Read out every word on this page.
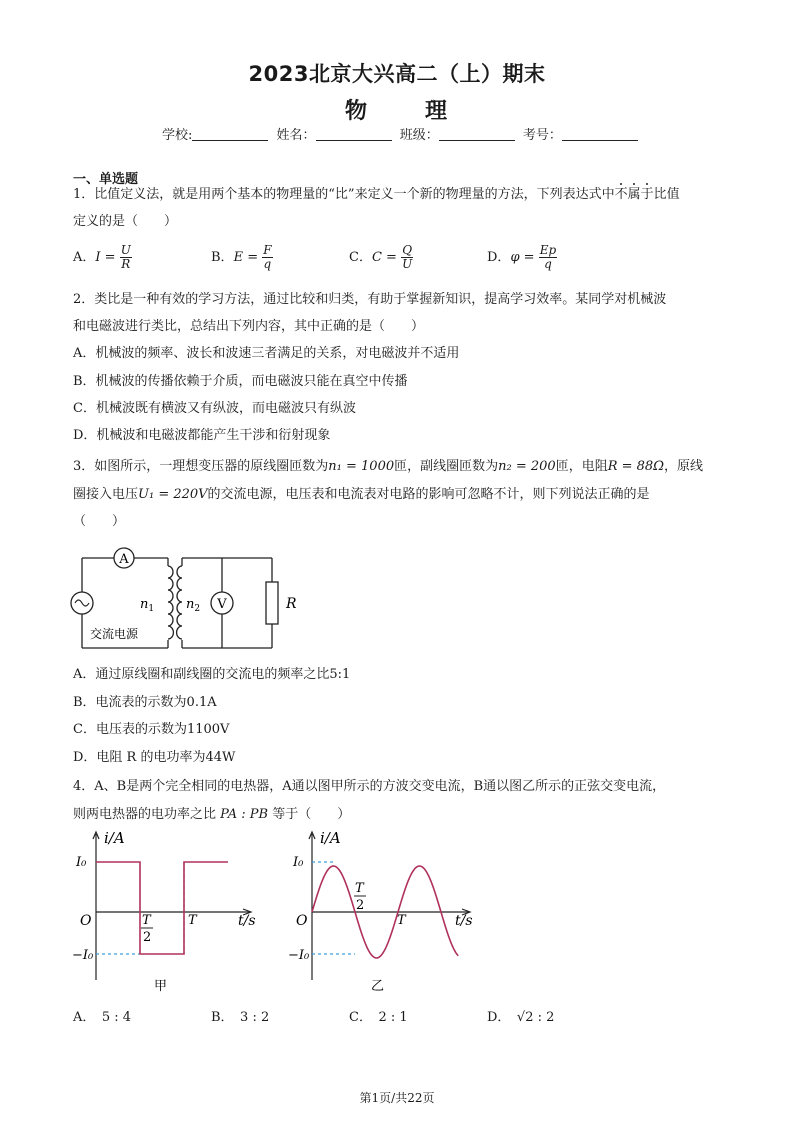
2023北京大兴高二（上）期末
物	理
学校:	姓名：	班级：	考号：
一、单选题
1．比值定义法，就是用两个基本的物理量的“比”来定义一个新的物理量的方法，下列表达式中不属于比值
定义的是（　　）
A．$I = \frac{U}{R}$	B．$E = \frac{F}{q}$	C．$C = \frac{Q}{U}$	D．$\varphi = \frac{Ep}{q}$
2．类比是一种有效的学习方法，通过比较和归类，有助于掌握新知识，提高学习效率。某同学对机械波
和电磁波进行类比，总结出下列内容，其中正确的是（　　）
A．机械波的频率、波长和波速三者满足的关系，对电磁波并不适用
B．机械波的传播依赖于介质，而电磁波只能在真空中传播
C．机械波既有横波又有纵波，而电磁波只有纵波
D．机械波和电磁波都能产生干涉和衍射现象
3．如图所示，一理想变压器的原线圈匝数为n₁ = 1000匝，副线圈匝数为n₂ = 200匝，电阻R = 88Ω，原线
圈接入电压U₁ = 220V的交流电源，电压表和电流表对电路的影响可忽略不计，则下列说法正确的是
（　　）
A
V	R
$n_1$ $n_2$
交流电源
A．通过原线圈和副线圈的交流电的频率之比5:1
B．电流表的示数为0.1A
C．电压表的示数为1100V
D．电阻 R 的电功率为44W
4．A、B是两个完全相同的电热器，A通以图甲所示的方波交变电流，B通以图乙所示的正弦交变电流，
则两电热器的电功率之比 PA : PB 等于（　　）
i/A
I₀
−I₀
O	T
2
T	t/s
甲
i/A
I₀
−I₀
O
T
2
T	t/s
乙
A．　5 : 4	B．　3 : 2	C．　2 : 1	D．　√2 : 2
第1页/共22页
